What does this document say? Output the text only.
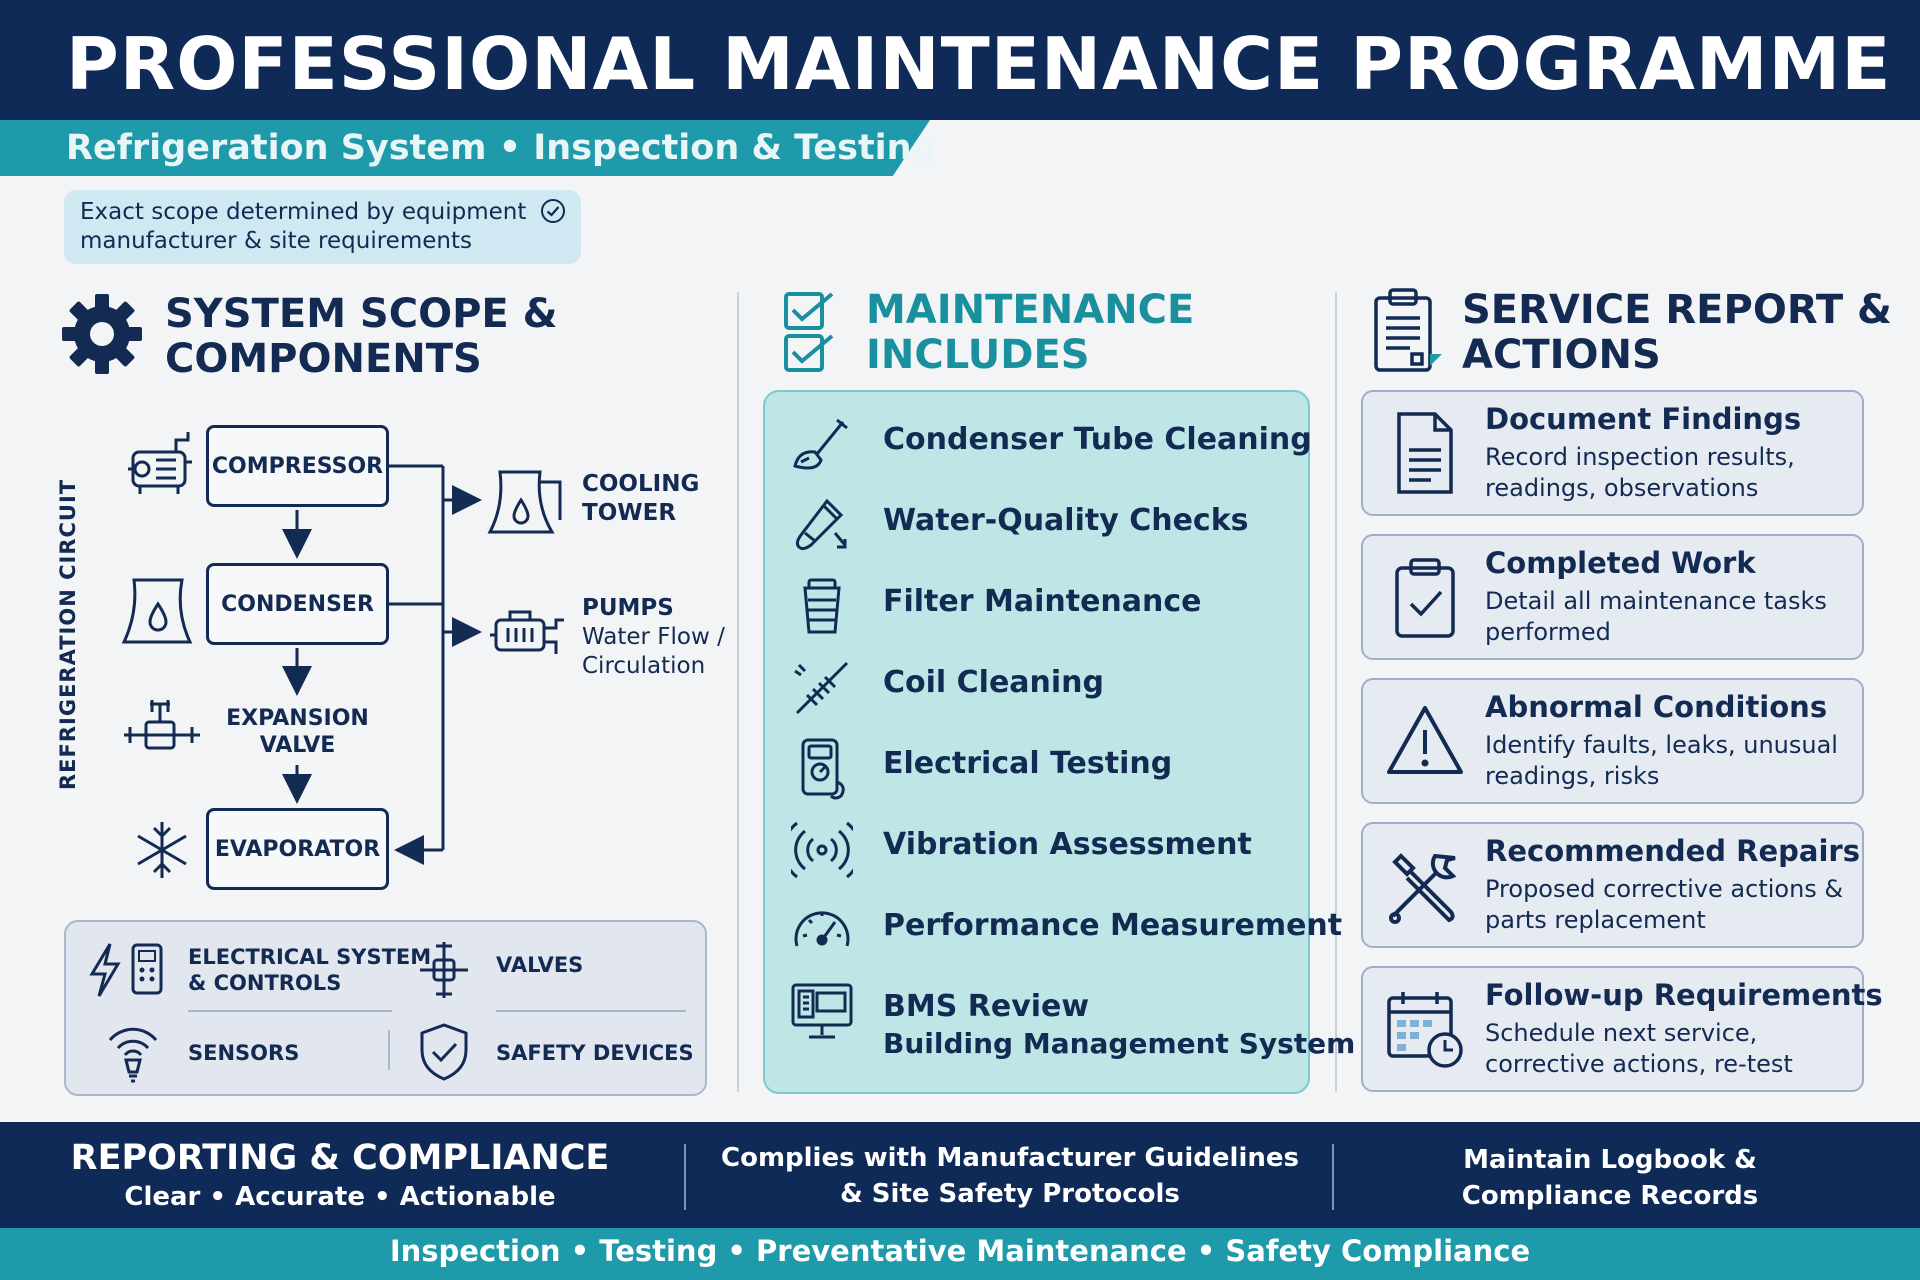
PROFESSIONAL MAINTENANCE PROGRAMME
Refrigeration System • Inspection & Testing
Exact scope determined by equipment manufacturer & site requirements
SYSTEM SCOPE &
COMPONENTS
REFRIGERATION CIRCUIT
COMPRESSOR
CONDENSER
EXPANSION
VALVE
EVAPORATOR
COOLING
TOWER
PUMPS
Water Flow /
Circulation
ELECTRICAL SYSTEM
& CONTROLS
VALVES
SENSORS	SAFETY DEVICES
MAINTENANCE
INCLUDES
Condenser Tube Cleaning
Water-Quality Checks
Filter Maintenance
Coil Cleaning
Electrical Testing
Vibration Assessment
Performance Measurement
BMS Review
Building Management System
SERVICE REPORT &
ACTIONS
Document Findings
Record inspection results, readings, observations
Completed Work
Detail all maintenance tasks performed
Abnormal Conditions
Identify faults, leaks, unusual readings, risks
Recommended Repairs
Proposed corrective actions & parts replacement
Follow-up Requirements
Schedule next service, corrective actions, re-test
REPORTING & COMPLIANCE
Clear • Accurate • Actionable
Complies with Manufacturer Guidelines
& Site Safety Protocols
Maintain Logbook &
Compliance Records
Inspection • Testing • Preventative Maintenance • Safety Compliance
